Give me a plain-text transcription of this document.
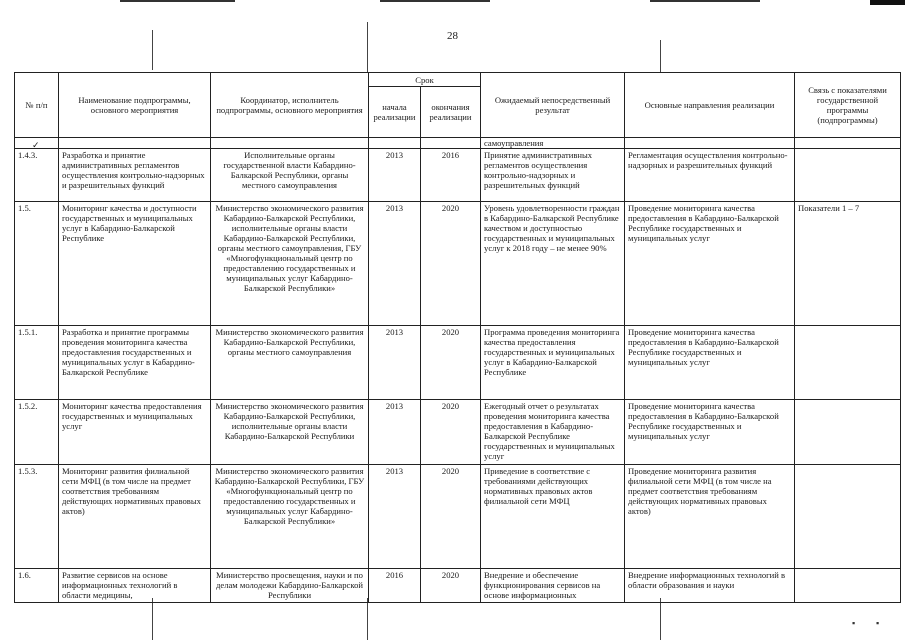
28
№ п/п	Наименование подпрограммы, основного мероприятия	Координатор, исполнитель подпрограммы, основного мероприятия	Срок		Ожидаемый непосредственный результат	Основные направления реализации	Связь с показателями государственной программы (подпрограммы)
			начала реализации	окончания реализации			
					самоуправления		
1.4.3.	Разработка и принятие административных регламентов осуществления контрольно-надзорных и разрешительных функций	Исполнительные органы государственной власти Кабардино-Балкарской Республики, органы местного самоуправления	2013	2016	Принятие административных регламентов осуществления контрольно-надзорных и разрешительных функций	Регламентация осуществления контрольно-надзорных и разрешительных функций	
1.5.	Мониторинг качества и доступности государственных и муниципальных услуг в Кабардино-Балкарской Республике	Министерство экономического развития Кабардино-Балкарской Республики, исполнительные органы власти Кабардино-Балкарской Республики, органы местного самоуправления, ГБУ «Многофункциональный центр по предоставлению государственных и муниципальных услуг Кабардино-Балкарской Республики»	2013	2020	Уровень удовлетворенности граждан в Кабардино-Балкарской Республике качеством и доступностью государственных и муниципальных услуг к 2018 году – не менее 90%	Проведение мониторинга качества предоставления в Кабардино-Балкарской Республике государственных и муниципальных услуг	Показатели 1 – 7
1.5.1.	Разработка и принятие программы проведения мониторинга качества предоставления государственных и муниципальных услуг в Кабардино-Балкарской Республике	Министерство экономического развития Кабардино-Балкарской Республики, органы местного самоуправления	2013	2020	Программа проведения мониторинга качества предоставления государственных и муниципальных услуг в Кабардино-Балкарской Республике	Проведение мониторинга качества предоставления в Кабардино-Балкарской Республике государственных и муниципальных услуг	
1.5.2.	Мониторинг качества предоставления государственных и муниципальных услуг	Министерство экономического развития Кабардино-Балкарской Республики, исполнительные органы власти Кабардино-Балкарской Республики	2013	2020	Ежегодный отчет о результатах проведения мониторинга качества предоставления в Кабардино-Балкарской Республике государственных и муниципальных услуг	Проведение мониторинга качества предоставления в Кабардино-Балкарской Республике государственных и муниципальных услуг	
1.5.3.	Мониторинг развития филиальной сети МФЦ (в том числе на предмет соответствия требованиям действующих нормативных правовых актов)	Министерство экономического развития Кабардино-Балкарской Республики, ГБУ «Многофункциональный центр по предоставлению государственных и муниципальных услуг Кабардино-Балкарской Республики»	2013	2020	Приведение в соответствие с требованиями действующих нормативных правовых актов филиальной сети МФЦ	Проведение мониторинга развития филиальной сети МФЦ (в том числе на предмет соответствия требованиям действующих нормативных правовых актов)	
1.6.	Развитие сервисов на основе информационных технологий в области медицины,	Министерство просвещения, науки и по делам молодежи Кабардино-Балкарской Республики	2016	2020	Внедрение и обеспечение функционирования сервисов на основе информационных	Внедрение информационных технологий в области образования и науки	
✓
▪ ▪
